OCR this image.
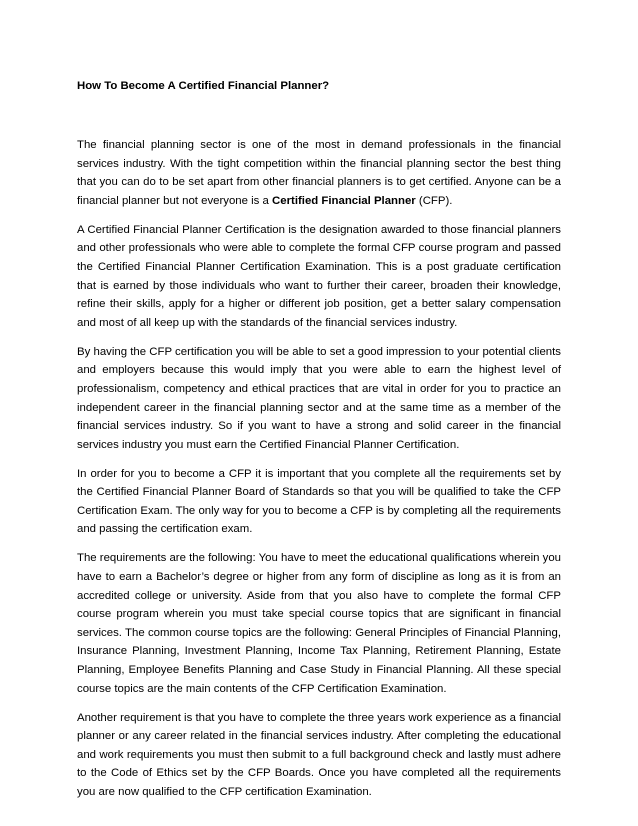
How To Become A Certified Financial Planner?

The financial planning sector is one of the most in demand professionals in the financial services industry. With the tight competition within the financial planning sector the best thing that you can do to be set apart from other financial planners is to get certified. Anyone can be a financial planner but not everyone is a Certified Financial Planner (CFP).

A Certified Financial Planner Certification is the designation awarded to those financial planners and other professionals who were able to complete the formal CFP course program and passed the Certified Financial Planner Certification Examination. This is a post graduate certification that is earned by those individuals who want to further their career, broaden their knowledge, refine their skills, apply for a higher or different job position, get a better salary compensation and most of all keep up with the standards of the financial services industry.

By having the CFP certification you will be able to set a good impression to your potential clients and employers because this would imply that you were able to earn the highest level of professionalism, competency and ethical practices that are vital in order for you to practice an independent career in the financial planning sector and at the same time as a member of the financial services industry. So if you want to have a strong and solid career in the financial services industry you must earn the Certified Financial Planner Certification.

In order for you to become a CFP it is important that you complete all the requirements set by the Certified Financial Planner Board of Standards so that you will be qualified to take the CFP Certification Exam. The only way for you to become a CFP is by completing all the requirements and passing the certification exam.

The requirements are the following: You have to meet the educational qualifications wherein you have to earn a Bachelor’s degree or higher from any form of discipline as long as it is from an accredited college or university. Aside from that you also have to complete the formal CFP course program wherein you must take special course topics that are significant in financial services. The common course topics are the following: General Principles of Financial Planning, Insurance Planning, Investment Planning, Income Tax Planning, Retirement Planning, Estate Planning, Employee Benefits Planning and Case Study in Financial Planning. All these special course topics are the main contents of the CFP Certification Examination.

Another requirement is that you have to complete the three years work experience as a financial planner or any career related in the financial services industry. After completing the educational and work requirements you must then submit to a full background check and lastly must adhere to the Code of Ethics set by the CFP Boards. Once you have completed all the requirements you are now qualified to the CFP certification Examination.
